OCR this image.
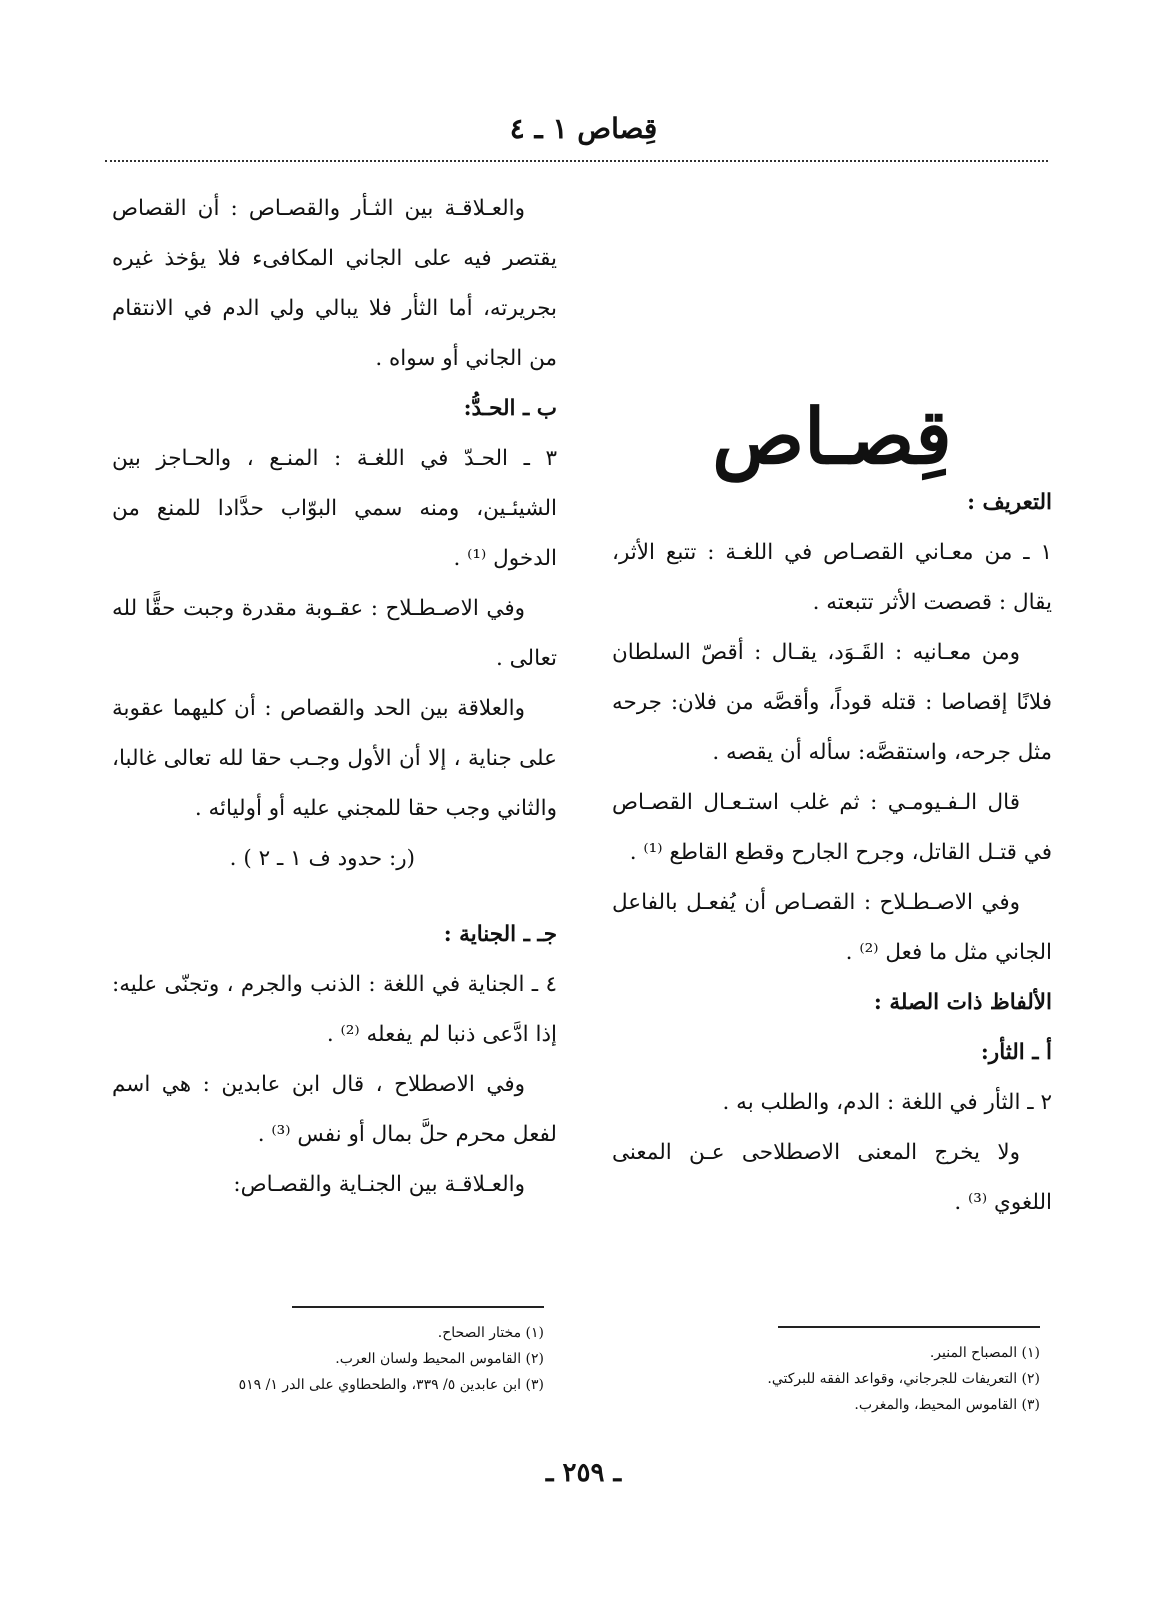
قِصاص ١ ـ ٤
قِصـاص

التعريف :

١ ـ من معـاني القصـاص في اللغـة : تتبع الأثر، يقال : قصصت الأثر تتبعته .

ومن معـانيه : القَـوَد، يقـال : أقصّ السلطان فلانًا إقصاصا : قتله قوداً، وأقصَّه من فلان: جرحه مثل جرحه، واستقصَّه: سأله أن يقصه .

قال الـفـيومـي : ثم غلب استـعـال القصـاص في قتـل القاتل، وجرح الجارح وقطع القاطع ⁽¹⁾ .

وفي الاصـطـلاح : القصـاص أن يُفعـل بالفاعل الجاني مثل ما فعل ⁽²⁾ .

الألفاظ ذات الصلة :

أ ـ الثأر:

٢ ـ الثأر في اللغة : الدم، والطلب به .

ولا يخرج المعنى الاصطلاحى عـن المعنى اللغوي ⁽³⁾ .

والعـلاقـة بين الثـأر والقصـاص : أن القصاص يقتصر فيه على الجاني المكافىء فلا يؤخذ غيره بجريرته، أما الثأر فلا يبالي ولي الدم في الانتقام من الجاني أو سواه .

ب ـ الحـدُّ:

٣ ـ الحـدّ في اللغـة : المنـع ، والحـاجز بين الشيئـين، ومنه سمي البوّاب حدَّادا للمنع من الدخول ⁽¹⁾ .

وفي الاصـطـلاح : عقـوبة مقدرة وجبت حقًّا لله تعالى .

والعلاقة بين الحد والقصاص : أن كليهما عقوبة على جناية ، إلا أن الأول وجـب حقا لله تعالى غالبا، والثاني وجب حقا للمجني عليه أو أوليائه .

(ر: حدود ف ١ ـ ٢ ) .

جـ ـ الجناية :

٤ ـ الجناية في اللغة : الذنب والجرم ، وتجنّى عليه: إذا ادَّعى ذنبا لم يفعله ⁽²⁾ .

وفي الاصطلاح ، قال ابن عابدين : هي اسم لفعل محرم حلَّ بمال أو نفس ⁽³⁾ .

والعـلاقـة بين الجنـاية والقصـاص:

(١) المصباح المنير.

(٢) التعريفات للجرجاني، وقواعد الفقه للبركتي.

(٣) القاموس المحيط، والمغرب.

(١) مختار الصحاح.

(٢) القاموس المحيط ولسان العرب.

(٣) ابن عابدين ٥/ ٣٣٩، والطحطاوي على الدر ١/ ٥١٩

ـ ٢٥٩ ـ
